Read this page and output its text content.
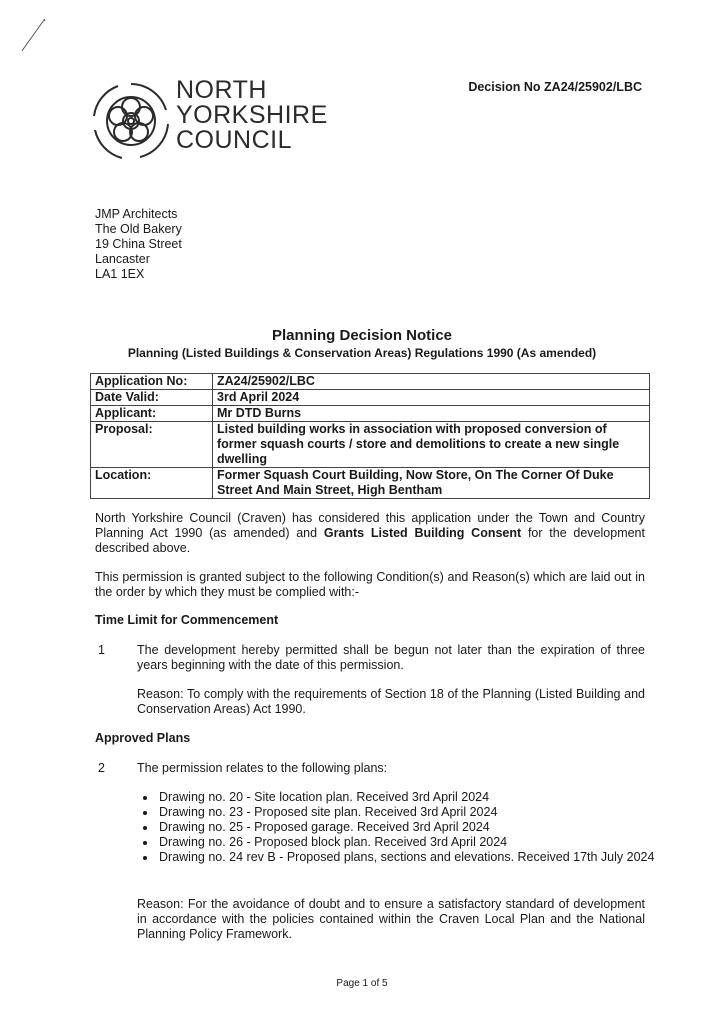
NORTH
YORKSHIRE
COUNCIL
Decision No ZA24/25902/LBC
JMP Architects
The Old Bakery
19 China Street
Lancaster
LA1 1EX
Planning Decision Notice
Planning (Listed Buildings & Conservation Areas) Regulations 1990 (As amended)
Application No:	ZA24/25902/LBC
Date Valid:	3rd April 2024
Applicant:	Mr DTD Burns
Proposal:	Listed building works in association with proposed conversion of former squash courts / store and demolitions to create a new single dwelling
Location:	Former Squash Court Building, Now Store, On The Corner Of Duke Street And Main Street, High Bentham
North Yorkshire Council (Craven) has considered this application under the Town and Country Planning Act 1990 (as amended) and Grants Listed Building Consent for the development described above.
This permission is granted subject to the following Condition(s) and Reason(s) which are laid out in the order by which they must be complied with:-
Time Limit for Commencement
1	The development hereby permitted shall be begun not later than the expiration of three years beginning with the date of this permission.
Reason: To comply with the requirements of Section 18 of the Planning (Listed Building and Conservation Areas) Act 1990.
Approved Plans
2	The permission relates to the following plans:
• Drawing no. 20 - Site location plan. Received 3rd April 2024
• Drawing no. 23 - Proposed site plan. Received 3rd April 2024
• Drawing no. 25 - Proposed garage. Received 3rd April 2024
• Drawing no. 26 - Proposed block plan. Received 3rd April 2024
• Drawing no. 24 rev B - Proposed plans, sections and elevations. Received 17th July 2024
Reason: For the avoidance of doubt and to ensure a satisfactory standard of development in accordance with the policies contained within the Craven Local Plan and the National Planning Policy Framework.
Page 1 of 5
